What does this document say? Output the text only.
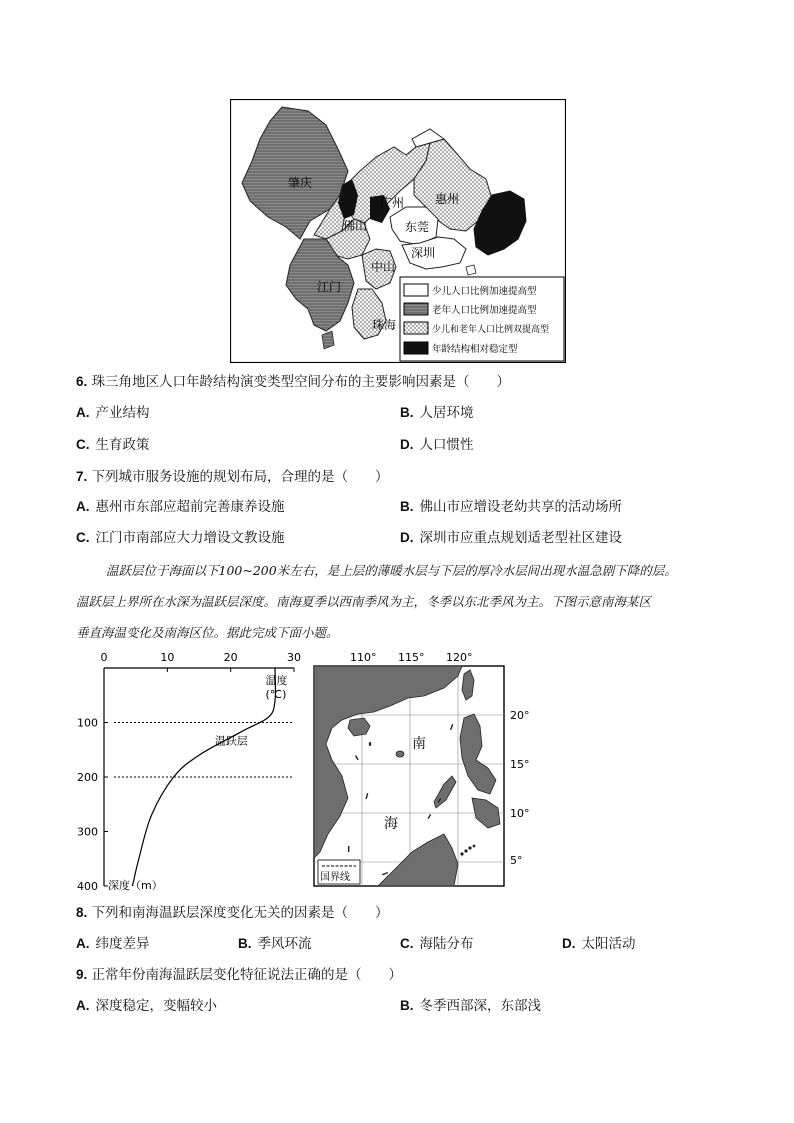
肇庆
广州	惠州
佛山	东莞
深圳
中山
江门
珠海
少儿人口比例加速提高型
老年人口比例加速提高型
少儿和老年人口比例双提高型
年龄结构相对稳定型
6. 珠三角地区人口年龄结构演变类型空间分布的主要影响因素是（　　）
A. 产业结构	B. 人居环境
C. 生育政策	D. 人口惯性
7. 下列城市服务设施的规划布局，合理的是（　　）
A. 惠州市东部应超前完善康养设施	B. 佛山市应增设老幼共享的活动场所
C. 江门市南部应大力增设文教设施	D. 深圳市应重点规划适老型社区建设
温跃层位于海面以下100~200米左右，是上层的薄暖水层与下层的厚冷水层间出现水温急剧下降的层。
温跃层上界所在水深为温跃层深度。南海夏季以西南季风为主，冬季以东北季风为主。下图示意南海某区
垂直海温变化及南海区位。据此完成下面小题。
0	10	20	30
100
200
300
400
温跃层
温度
(℃)
深度（m）
110° 115° 120°
南
海
国界线
20°
15°
10°
5°
8. 下列和南海温跃层深度变化无关的因素是（　　）
A. 纬度差异	B. 季风环流	C. 海陆分布	D. 太阳活动
9. 正常年份南海温跃层变化特征说法正确的是（　　）
A. 深度稳定，变幅较小	B. 冬季西部深，东部浅
